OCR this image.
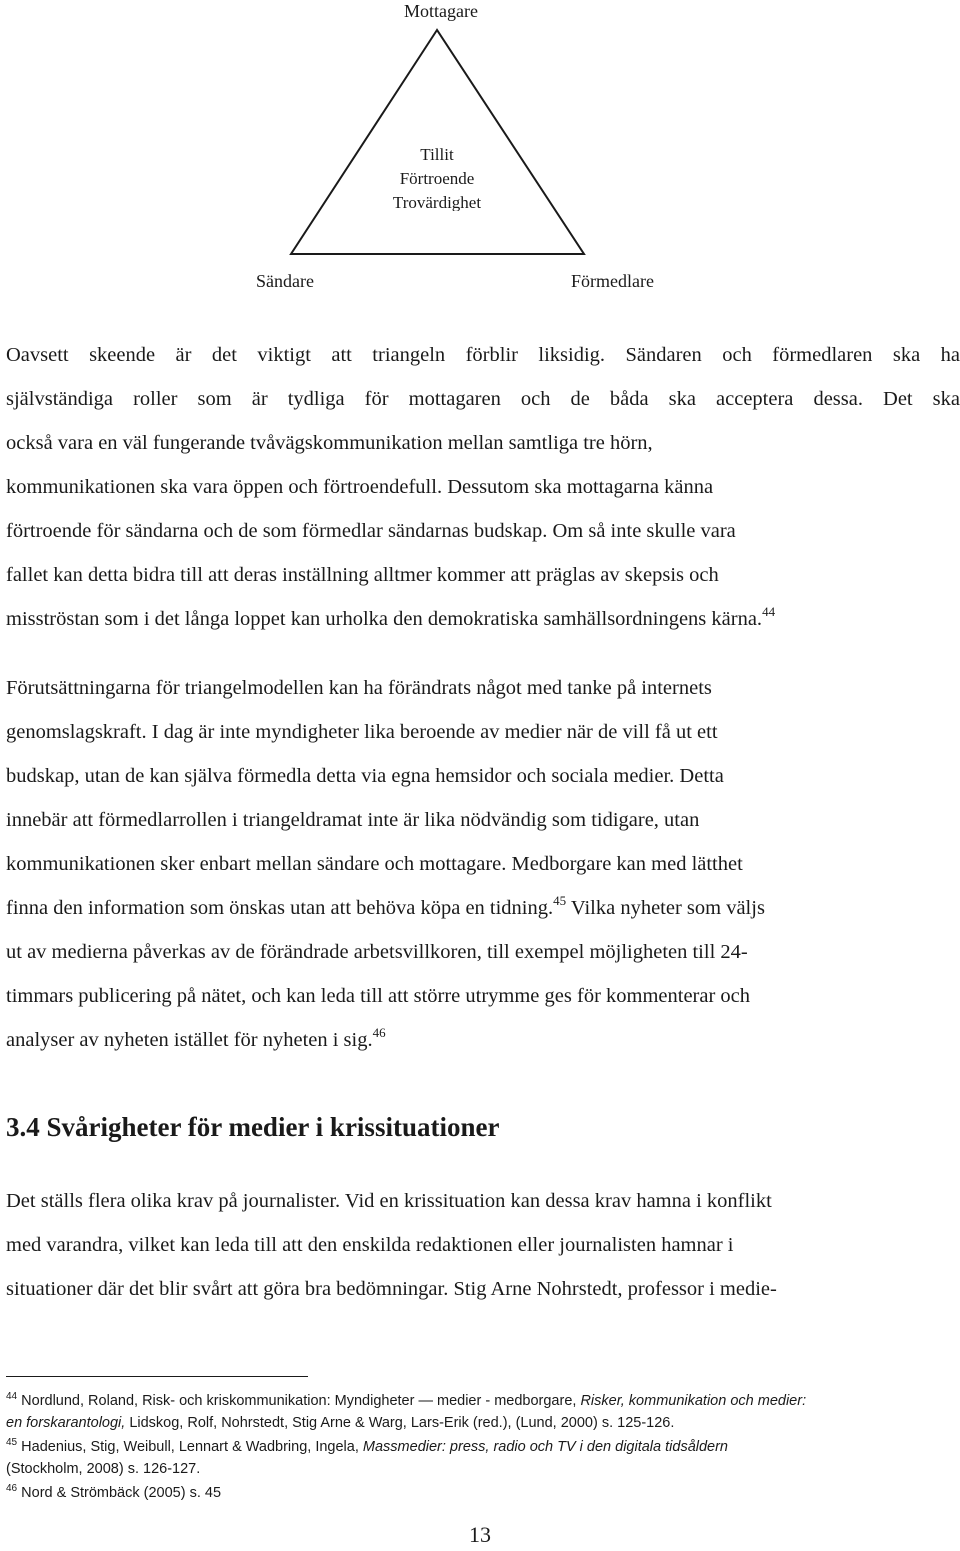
Mottagare
Tillit
Förtroende
Trovärdighet
Sändare	Förmedlare
Oavsett skeende är det viktigt att triangeln förblir liksidig. Sändaren och förmedlaren ska ha
självständiga roller som är tydliga för mottagaren och de båda ska acceptera dessa. Det ska
också vara en väl fungerande tvåvägskommunikation mellan samtliga tre hörn,
kommunikationen ska vara öppen och förtroendefull. Dessutom ska mottagarna känna
förtroende för sändarna och de som förmedlar sändarnas budskap. Om så inte skulle vara
fallet kan detta bidra till att deras inställning alltmer kommer att präglas av skepsis och
misströstan som i det långa loppet kan urholka den demokratiska samhällsordningens kärna.$^{44}$
Förutsättningarna för triangelmodellen kan ha förändrats något med tanke på internets
genomslagskraft. I dag är inte myndigheter lika beroende av medier när de vill få ut ett
budskap, utan de kan själva förmedla detta via egna hemsidor och sociala medier. Detta
innebär att förmedlarrollen i triangeldramat inte är lika nödvändig som tidigare, utan
kommunikationen sker enbart mellan sändare och mottagare. Medborgare kan med lätthet
finna den information som önskas utan att behöva köpa en tidning.$^{45}$ Vilka nyheter som väljs
ut av medierna påverkas av de förändrade arbetsvillkoren, till exempel möjligheten till 24-
timmars publicering på nätet, och kan leda till att större utrymme ges för kommenterar och
analyser av nyheten istället för nyheten i sig.$^{46}$
3.4 Svårigheter för medier i krissituationer
Det ställs flera olika krav på journalister. Vid en krissituation kan dessa krav hamna i konflikt
med varandra, vilket kan leda till att den enskilda redaktionen eller journalisten hamnar i
situationer där det blir svårt att göra bra bedömningar. Stig Arne Nohrstedt, professor i medie-
$^{44}$ Nordlund, Roland, Risk- och kriskommunikation: Myndigheter — medier - medborgare, Risker, kommunikation och medier:
en forskarantologi, Lidskog, Rolf, Nohrstedt, Stig Arne & Warg, Lars-Erik (red.), (Lund, 2000) s. 125-126.
$^{45}$ Hadenius, Stig, Weibull, Lennart & Wadbring, Ingela, Massmedier: press, radio och TV i den digitala tidsåldern
(Stockholm, 2008) s. 126-127.
$^{46}$ Nord & Strömbäck (2005) s. 45
13
